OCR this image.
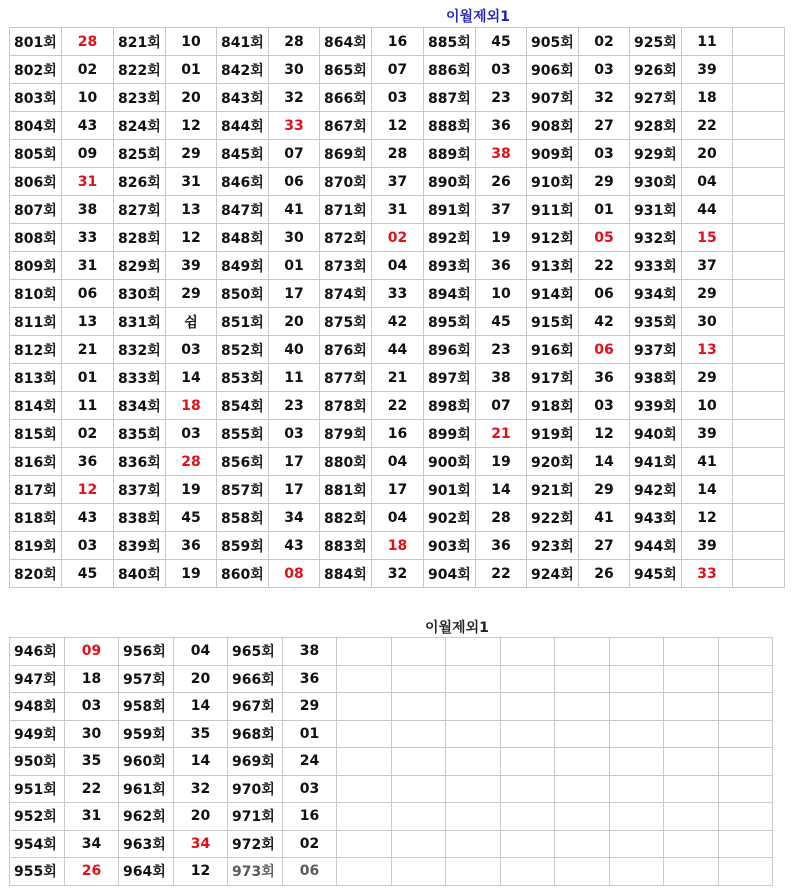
이월제외1
801회	28	821회	10	841회	28	864회	16	885회	45	905회	02	925회	11	
802회	02	822회	01	842회	30	865회	07	886회	03	906회	03	926회	39	
803회	10	823회	20	843회	32	866회	03	887회	23	907회	32	927회	18	
804회	43	824회	12	844회	33	867회	12	888회	36	908회	27	928회	22	
805회	09	825회	29	845회	07	869회	28	889회	38	909회	03	929회	20	
806회	31	826회	31	846회	06	870회	37	890회	26	910회	29	930회	04	
807회	38	827회	13	847회	41	871회	31	891회	37	911회	01	931회	44	
808회	33	828회	12	848회	30	872회	02	892회	19	912회	05	932회	15	
809회	31	829회	39	849회	01	873회	04	893회	36	913회	22	933회	37	
810회	06	830회	29	850회	17	874회	33	894회	10	914회	06	934회	29	
811회	13	831회	쉼	851회	20	875회	42	895회	45	915회	42	935회	30	
812회	21	832회	03	852회	40	876회	44	896회	23	916회	06	937회	13	
813회	01	833회	14	853회	11	877회	21	897회	38	917회	36	938회	29	
814회	11	834회	18	854회	23	878회	22	898회	07	918회	03	939회	10	
815회	02	835회	03	855회	03	879회	16	899회	21	919회	12	940회	39	
816회	36	836회	28	856회	17	880회	04	900회	19	920회	14	941회	41	
817회	12	837회	19	857회	17	881회	17	901회	14	921회	29	942회	14	
818회	43	838회	45	858회	34	882회	04	902회	28	922회	41	943회	12	
819회	03	839회	36	859회	43	883회	18	903회	36	923회	27	944회	39	
820회	45	840회	19	860회	08	884회	32	904회	22	924회	26	945회	33	
이월제외1
946회	09	956회	04	965회	38								
947회	18	957회	20	966회	36								
948회	03	958회	14	967회	29								
949회	30	959회	35	968회	01								
950회	35	960회	14	969회	24								
951회	22	961회	32	970회	03								
952회	31	962회	20	971회	16								
954회	34	963회	34	972회	02								
955회	26	964회	12	973회	06								
